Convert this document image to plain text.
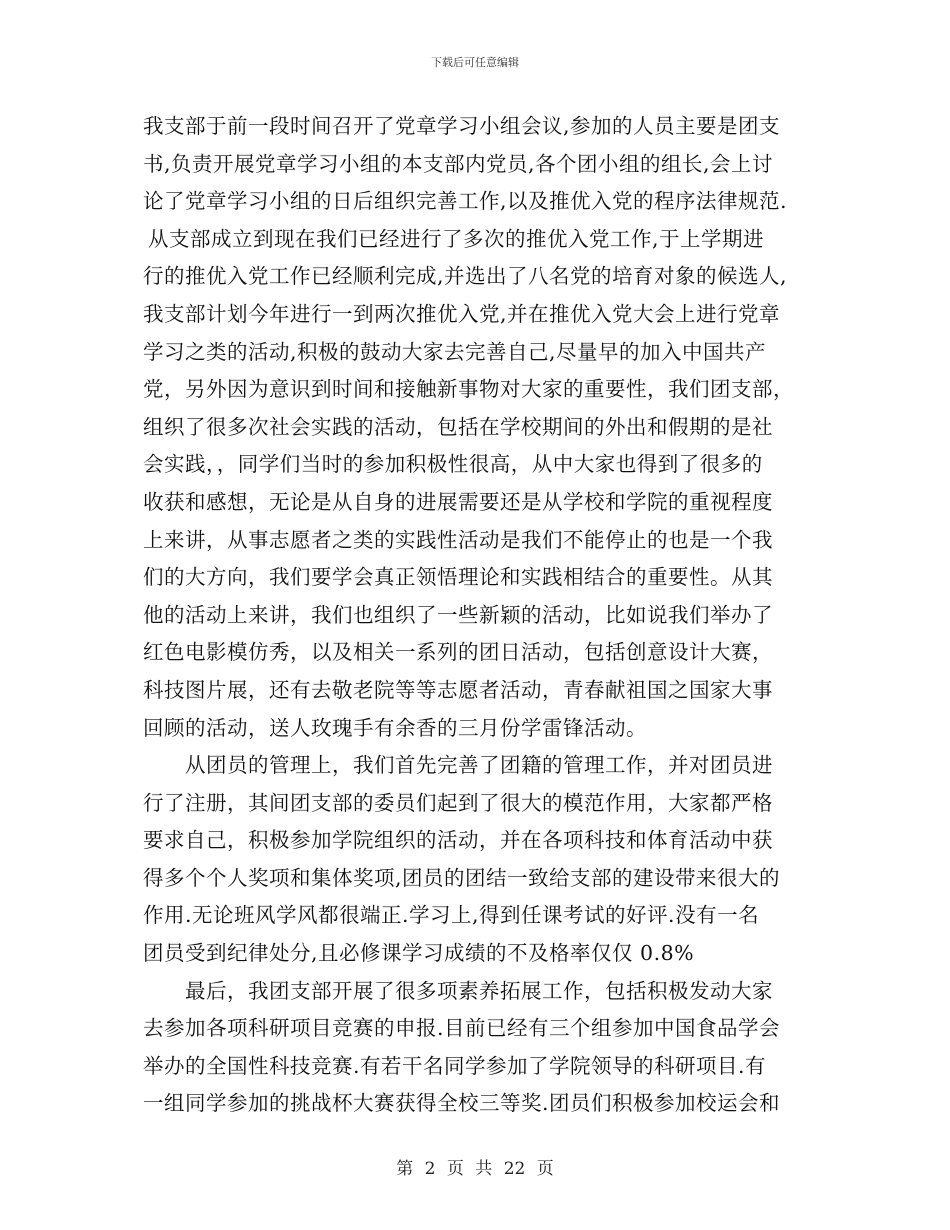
下载后可任意编辑
我支部于前一段时间召开了党章学习小组会议,参加的人员主要是团支
书,负责开展党章学习小组的本支部内党员,各个团小组的组长,会上讨
论了党章学习小组的日后组织完善工作,以及推优入党的程序法律规范.
从支部成立到现在我们已经进行了多次的推优入党工作,于上学期进
行的推优入党工作已经顺利完成,并选出了八名党的培育对象的候选人,
我支部计划今年进行一到两次推优入党,并在推优入党大会上进行党章
学习之类的活动,积极的鼓动大家去完善自己,尽量早的加入中国共产
党，另外因为意识到时间和接触新事物对大家的重要性，我们团支部，
组织了很多次社会实践的活动，包括在学校期间的外出和假期的是社
会实践，，同学们当时的参加积极性很高，从中大家也得到了很多的
收获和感想，无论是从自身的进展需要还是从学校和学院的重视程度
上来讲，从事志愿者之类的实践性活动是我们不能停止的也是一个我
们的大方向，我们要学会真正领悟理论和实践相结合的重要性。从其
他的活动上来讲，我们也组织了一些新颖的活动，比如说我们举办了
红色电影模仿秀，以及相关一系列的团日活动，包括创意设计大赛，
科技图片展，还有去敬老院等等志愿者活动，青春献祖国之国家大事
回顾的活动，送人玫瑰手有余香的三月份学雷锋活动。
从团员的管理上，我们首先完善了团籍的管理工作，并对团员进
行了注册，其间团支部的委员们起到了很大的模范作用，大家都严格
要求自己，积极参加学院组织的活动，并在各项科技和体育活动中获
得多个个人奖项和集体奖项,团员的团结一致给支部的建设带来很大的
作用.无论班风学风都很端正.学习上,得到任课考试的好评.没有一名
团员受到纪律处分,且必修课学习成绩的不及格率仅仅 0.8%
最后，我团支部开展了很多项素养拓展工作，包括积极发动大家
去参加各项科研项目竞赛的申报.目前已经有三个组参加中国食品学会
举办的全国性科技竞赛.有若干名同学参加了学院领导的科研项目.有
一组同学参加的挑战杯大赛获得全校三等奖.团员们积极参加校运会和
第 2 页 共 22 页
